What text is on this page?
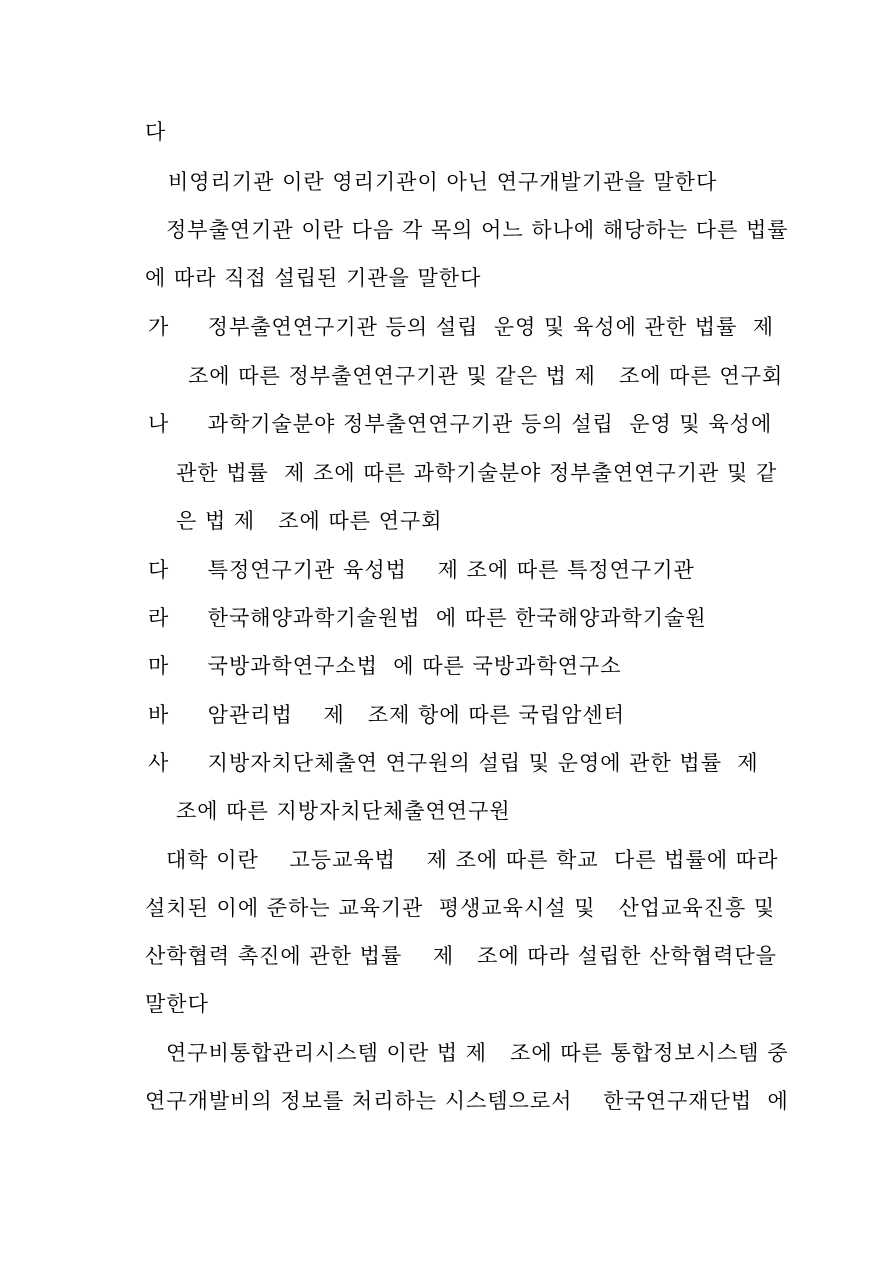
다
비영리기관 이란 영리기관이 아닌 연구개발기관을 말한다
정부출연기관 이란 다음 각 목의 어느 하나에 해당하는 다른 법률
에 따라 직접 설립된 기관을 말한다
가     정부출연연구기관 등의 설립  운영 및 육성에 관한 법률  제
조에 따른 정부출연연구기관 및 같은 법 제   조에 따른 연구회
나     과학기술분야 정부출연연구기관 등의 설립  운영 및 육성에
관한 법률  제 조에 따른 과학기술분야 정부출연연구기관 및 같
은 법 제   조에 따른 연구회
다     특정연구기관 육성법    제 조에 따른 특정연구기관
라     한국해양과학기술원법  에 따른 한국해양과학기술원
마     국방과학연구소법  에 따른 국방과학연구소
바     암관리법    제   조제 항에 따른 국립암센터
사     지방자치단체출연 연구원의 설립 및 운영에 관한 법률  제
조에 따른 지방자치단체출연연구원
대학 이란    고등교육법    제 조에 따른 학교  다른 법률에 따라
설치된 이에 준하는 교육기관  평생교육시설 및   산업교육진흥 및
산학협력 촉진에 관한 법률    제   조에 따라 설립한 산학협력단을
말한다
연구비통합관리시스템 이란 법 제   조에 따른 통합정보시스템 중
연구개발비의 정보를 처리하는 시스템으로서    한국연구재단법  에
